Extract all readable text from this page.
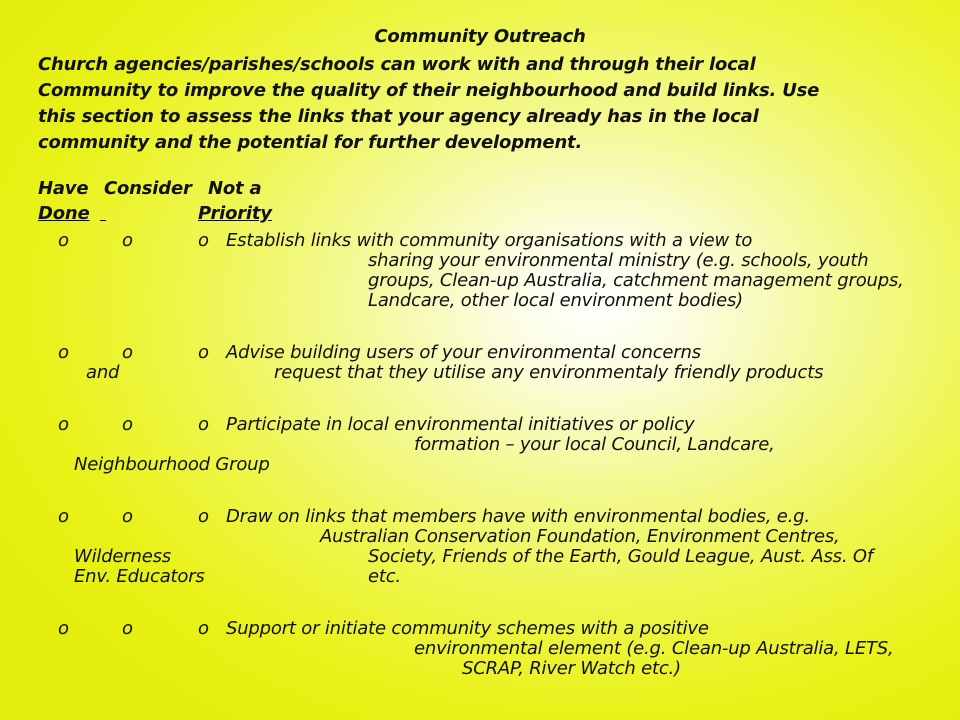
Community Outreach
Church agencies/parishes/schools can work with and through their local
Community to improve the quality of their neighbourhood and build links. Use
this section to assess the links that your agency already has in the local
community and the potential for further development.
Have Consider Not a
Done
	Priority
o	o	o Establish links with community organisations with a view to
sharing your environmental ministry (e.g. schools, youth
groups, Clean-up Australia, catchment management groups,
Landcare, other local environment bodies)
o	o	o Advise building users of your environmental concerns
and	request that they utilise any environmentaly friendly products
o	o	o Participate in local environmental initiatives or policy
formation – your local Council, Landcare,
Neighbourhood Group
o	o	o Draw on links that members have with environmental bodies, e.g.
Australian Conservation Foundation, Environment Centres,
Wilderness	Society, Friends of the Earth, Gould League, Aust. Ass. Of
Env. Educators	etc.
o	o	o Support or initiate community schemes with a positive
environmental element (e.g. Clean-up Australia, LETS,
SCRAP, River Watch etc.)
